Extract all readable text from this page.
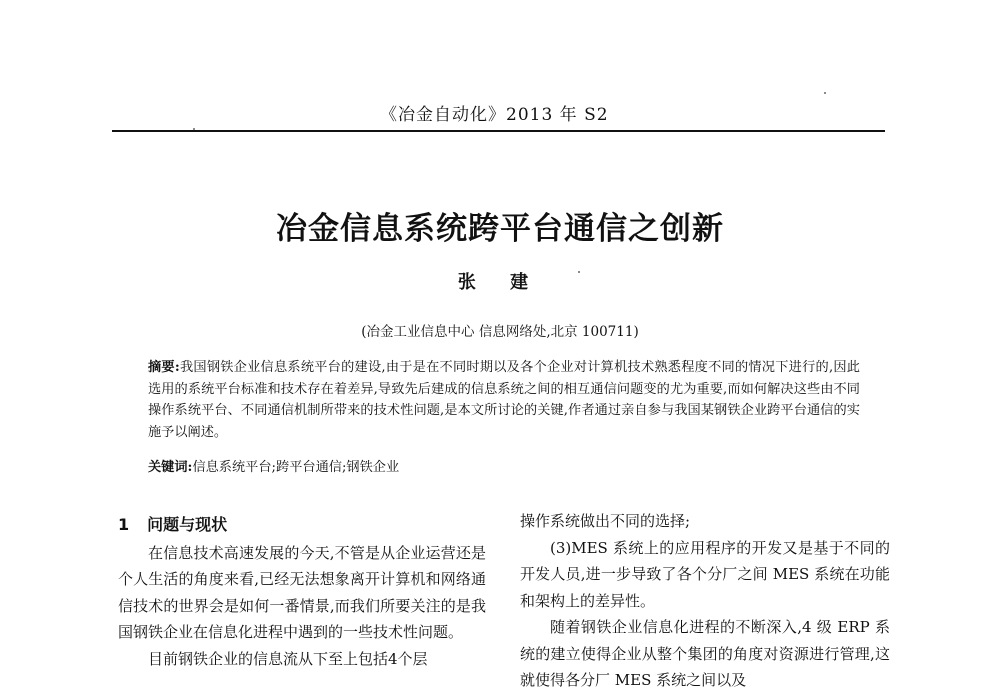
《冶金自动化》2013 年 S2
冶金信息系统跨平台通信之创新
张 建
(冶金工业信息中心 信息网络处,北京 100711)
摘要:我国钢铁企业信息系统平台的建设,由于是在不同时期以及各个企业对计算机技术熟悉程度不同的情况下进行的,因此选用的系统平台标准和技术存在着差异,导致先后建成的信息系统之间的相互通信问题变的尤为重要,而如何解决这些由不同操作系统平台、不同通信机制所带来的技术性问题,是本文所讨论的关键,作者通过亲自参与我国某钢铁企业跨平台通信的实施予以阐述。
关键词:信息系统平台;跨平台通信;钢铁企业
1 问题与现状

在信息技术高速发展的今天,不管是从企业运营还是个人生活的角度来看,已经无法想象离开计算机和网络通信技术的世界会是如何一番情景,而我们所要关注的是我国钢铁企业在信息化进程中遇到的一些技术性问题。

目前钢铁企业的信息流从下至上包括4个层

操作系统做出不同的选择;

(3)MES 系统上的应用程序的开发又是基于不同的开发人员,进一步导致了各个分厂之间 MES 系统在功能和架构上的差异性。

随着钢铁企业信息化进程的不断深入,4 级 ERP 系统的建立使得企业从整个集团的角度对资源进行管理,这就使得各分厂 MES 系统之间以及
